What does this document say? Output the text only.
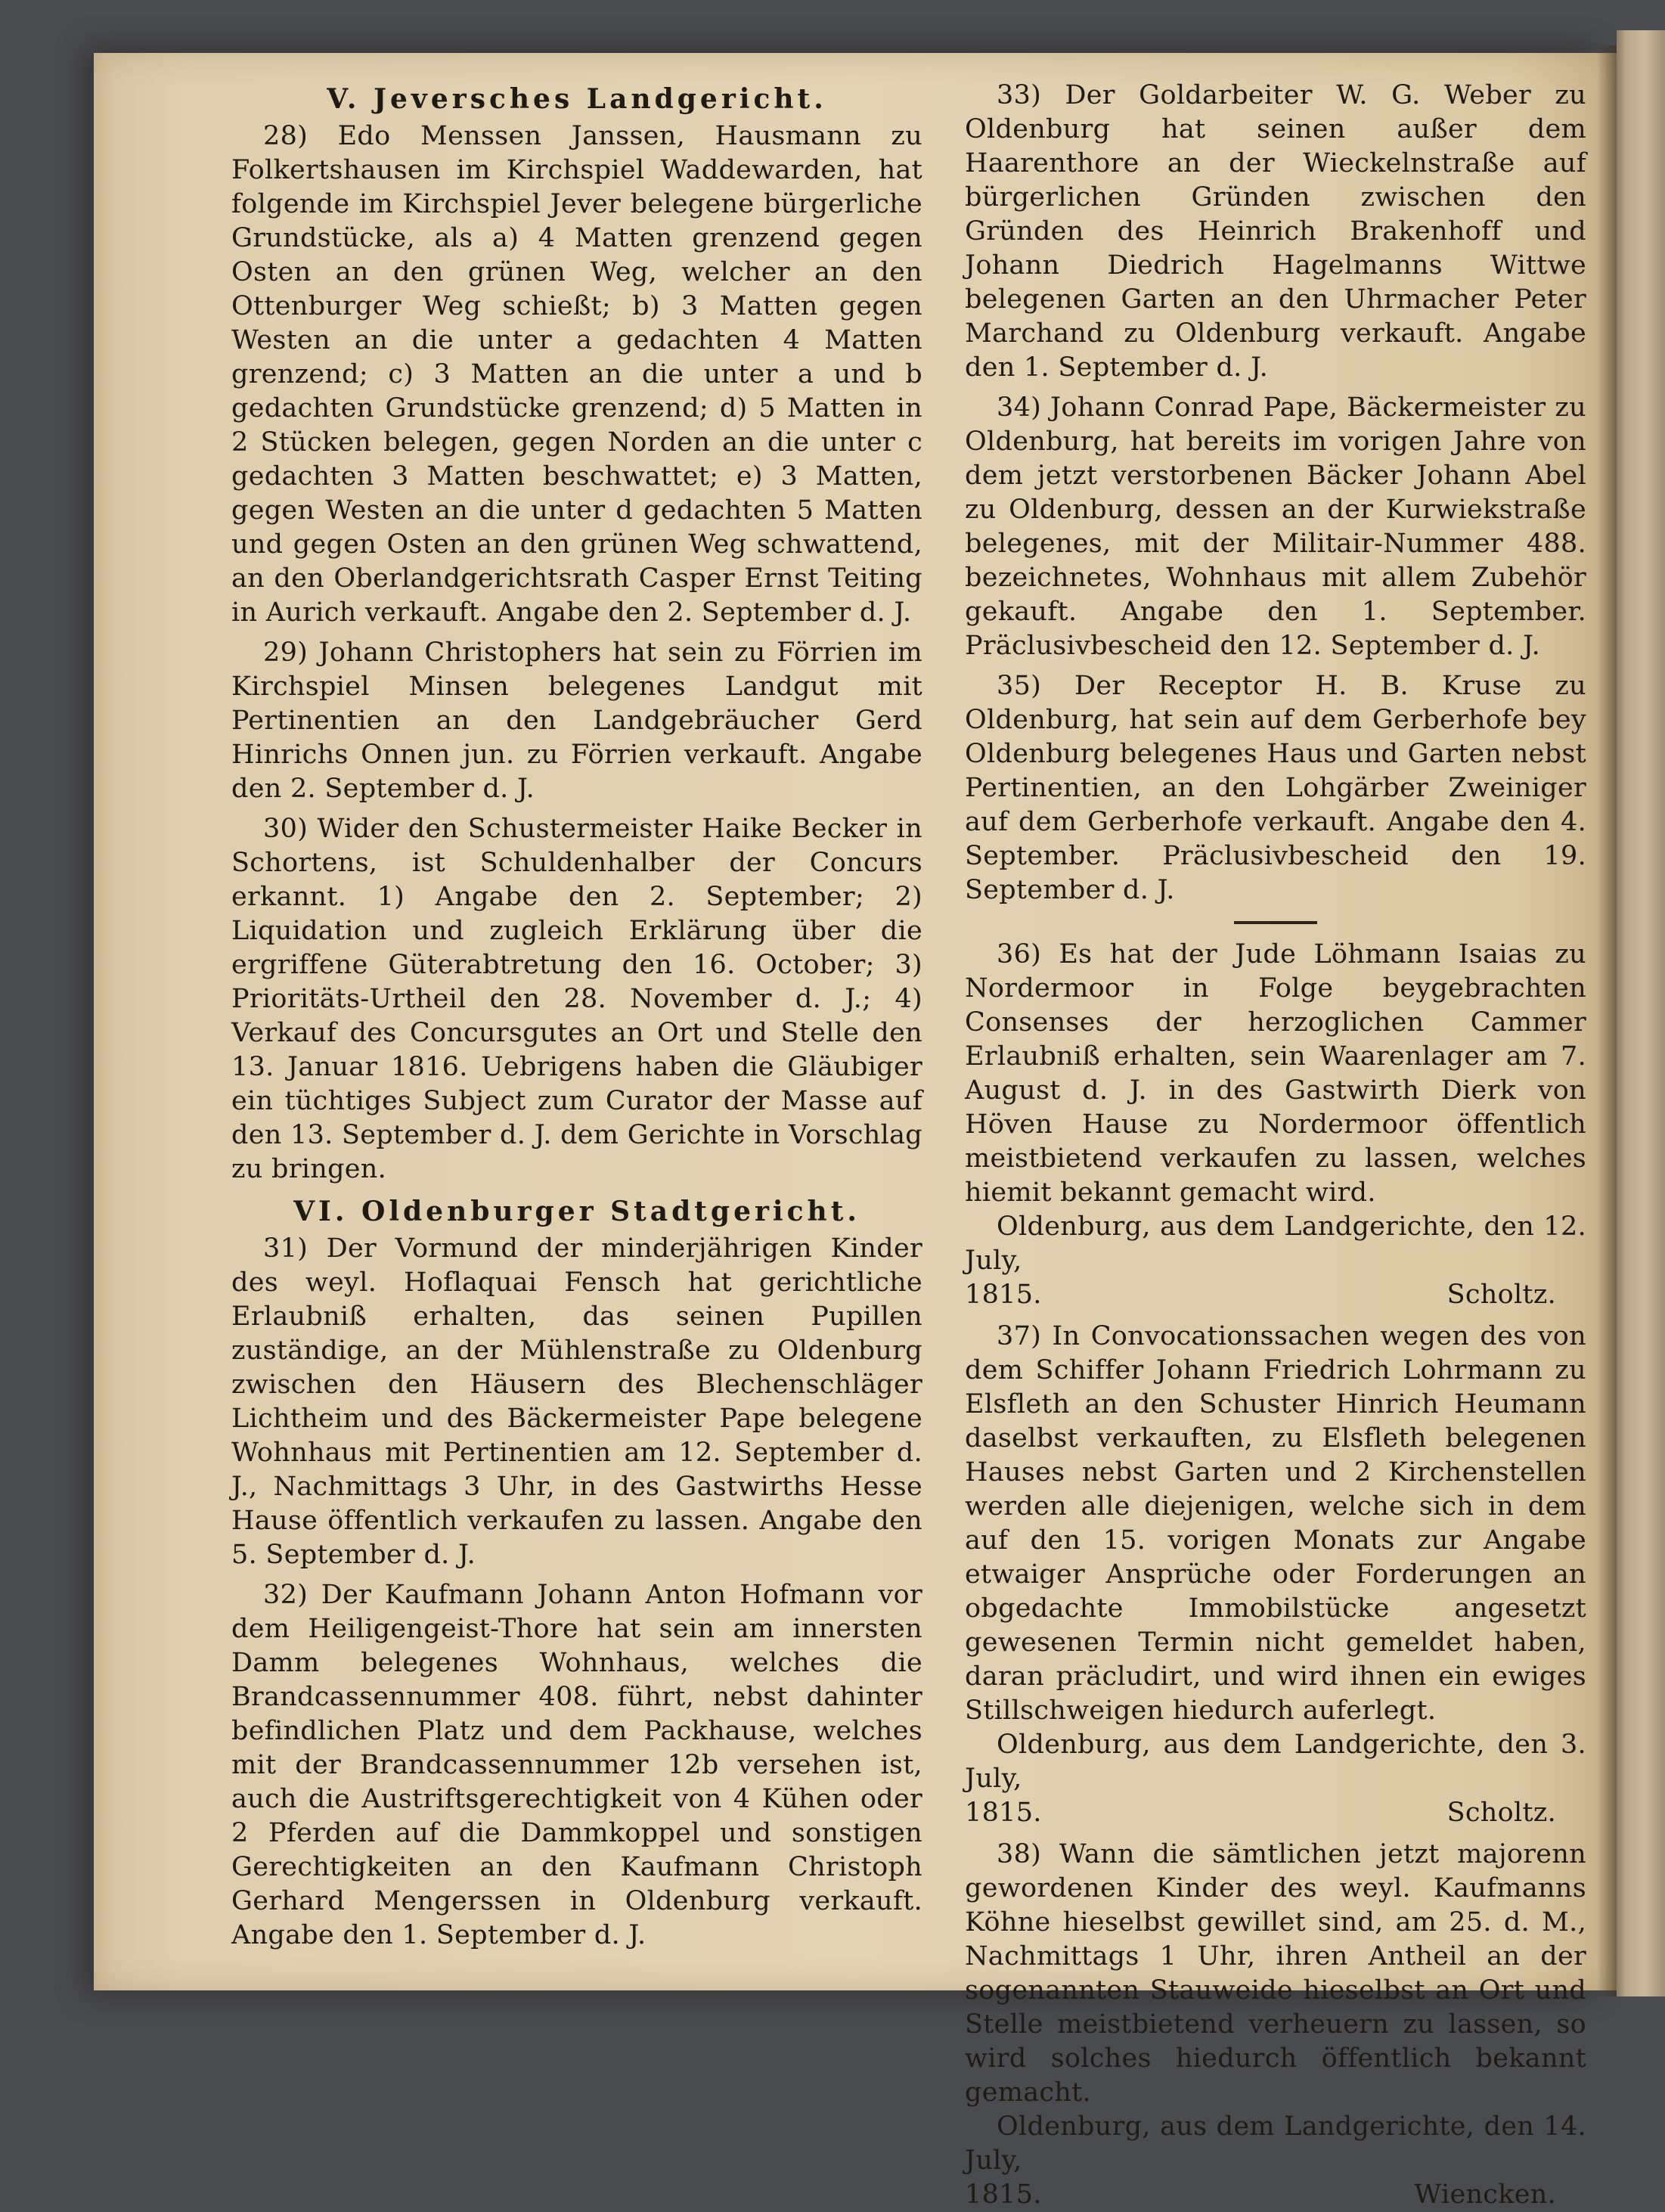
V. Jeversches Landgericht.

28) Edo Menssen Janssen, Hausmann zu Folkertshausen im Kirchspiel Waddewarden, hat folgende im Kirchspiel Jever belegene bürgerliche Grundstücke, als a) 4 Matten grenzend gegen Osten an den grünen Weg, welcher an den Ottenburger Weg schießt; b) 3 Matten gegen Westen an die unter a gedachten 4 Matten grenzend; c) 3 Matten an die unter a und b gedachten Grundstücke grenzend; d) 5 Matten in 2 Stücken belegen, gegen Norden an die unter c gedachten 3 Matten beschwattet; e) 3 Matten, gegen Westen an die unter d gedachten 5 Matten und gegen Osten an den grünen Weg schwattend, an den Oberlandgerichtsrath Casper Ernst Teiting in Aurich verkauft. Angabe den 2. September d. J.

29) Johann Christophers hat sein zu Förrien im Kirchspiel Minsen belegenes Landgut mit Pertinentien an den Landgebräucher Gerd Hinrichs Onnen jun. zu Förrien verkauft. Angabe den 2. September d. J.

30) Wider den Schustermeister Haike Becker in Schortens, ist Schuldenhalber der Concurs erkannt. 1) Angabe den 2. September; 2) Liquidation und zugleich Erklärung über die ergriffene Güterabtretung den 16. October; 3) Prioritäts-Urtheil den 28. November d. J.; 4) Verkauf des Concursgutes an Ort und Stelle den 13. Januar 1816. Uebrigens haben die Gläubiger ein tüchtiges Subject zum Curator der Masse auf den 13. September d. J. dem Gerichte in Vorschlag zu bringen.

VI. Oldenburger Stadtgericht.

31) Der Vormund der minderjährigen Kinder des weyl. Hoflaquai Fensch hat gerichtliche Erlaubniß erhalten, das seinen Pupillen zuständige, an der Mühlenstraße zu Oldenburg zwischen den Häusern des Blechenschläger Lichtheim und des Bäckermeister Pape belegene Wohnhaus mit Pertinentien am 12. September d. J., Nachmittags 3 Uhr, in des Gastwirths Hesse Hause öffentlich verkaufen zu lassen. Angabe den 5. September d. J.

32) Der Kaufmann Johann Anton Hofmann vor dem Heiligengeist-Thore hat sein am innersten Damm belegenes Wohnhaus, welches die Brandcassennummer 408. führt, nebst dahinter befindlichen Platz und dem Packhause, welches mit der Brandcassennummer 12b versehen ist, auch die Austriftsgerechtigkeit von 4 Kühen oder 2 Pferden auf die Dammkoppel und sonstigen Gerechtigkeiten an den Kaufmann Christoph Gerhard Mengerssen in Oldenburg verkauft. Angabe den 1. September d. J.

33) Der Goldarbeiter W. G. Weber zu Oldenburg hat seinen außer dem Haarenthore an der Wieckelnstraße auf bürgerlichen Gründen zwischen den Gründen des Heinrich Brakenhoff und Johann Diedrich Hagelmanns Wittwe belegenen Garten an den Uhrmacher Peter Marchand zu Oldenburg verkauft. Angabe den 1. September d. J.

34) Johann Conrad Pape, Bäckermeister zu Oldenburg, hat bereits im vorigen Jahre von dem jetzt verstorbenen Bäcker Johann Abel zu Oldenburg, dessen an der Kurwiekstraße belegenes, mit der Militair-Nummer 488. bezeichnetes, Wohnhaus mit allem Zubehör gekauft. Angabe den 1. September. Präclusivbescheid den 12. September d. J.

35) Der Receptor H. B. Kruse zu Oldenburg, hat sein auf dem Gerberhofe bey Oldenburg belegenes Haus und Garten nebst Pertinentien, an den Lohgärber Zweiniger auf dem Gerberhofe verkauft. Angabe den 4. September. Präclusivbescheid den 19. September d. J.

36) Es hat der Jude Löhmann Isaias zu Nordermoor in Folge beygebrachten Consenses der herzoglichen Cammer Erlaubniß erhalten, sein Waarenlager am 7. August d. J. in des Gastwirth Dierk von Höven Hause zu Nordermoor öffentlich meistbietend verkaufen zu lassen, welches hiemit bekannt gemacht wird.

Oldenburg, aus dem Landgerichte, den 12. July,

1815.	Scholtz.

37) In Convocationssachen wegen des von dem Schiffer Johann Friedrich Lohrmann zu Elsfleth an den Schuster Hinrich Heumann daselbst verkauften, zu Elsfleth belegenen Hauses nebst Garten und 2 Kirchenstellen werden alle diejenigen, welche sich in dem auf den 15. vorigen Monats zur Angabe etwaiger Ansprüche oder Forderungen an obgedachte Immobilstücke angesetzt gewesenen Termin nicht gemeldet haben, daran präcludirt, und wird ihnen ein ewiges Stillschweigen hiedurch auferlegt.

Oldenburg, aus dem Landgerichte, den 3. July,

1815.	Scholtz.

38) Wann die sämtlichen jetzt majorenn gewordenen Kinder des weyl. Kaufmanns Köhne hieselbst gewillet sind, am 25. d. M., Nachmittags 1 Uhr, ihren Antheil an der sogenannten Stauweide hieselbst an Ort und Stelle meistbietend verheuern zu lassen, so wird solches hiedurch öffentlich bekannt gemacht.

Oldenburg, aus dem Landgerichte, den 14. July,

1815.	Wiencken.
